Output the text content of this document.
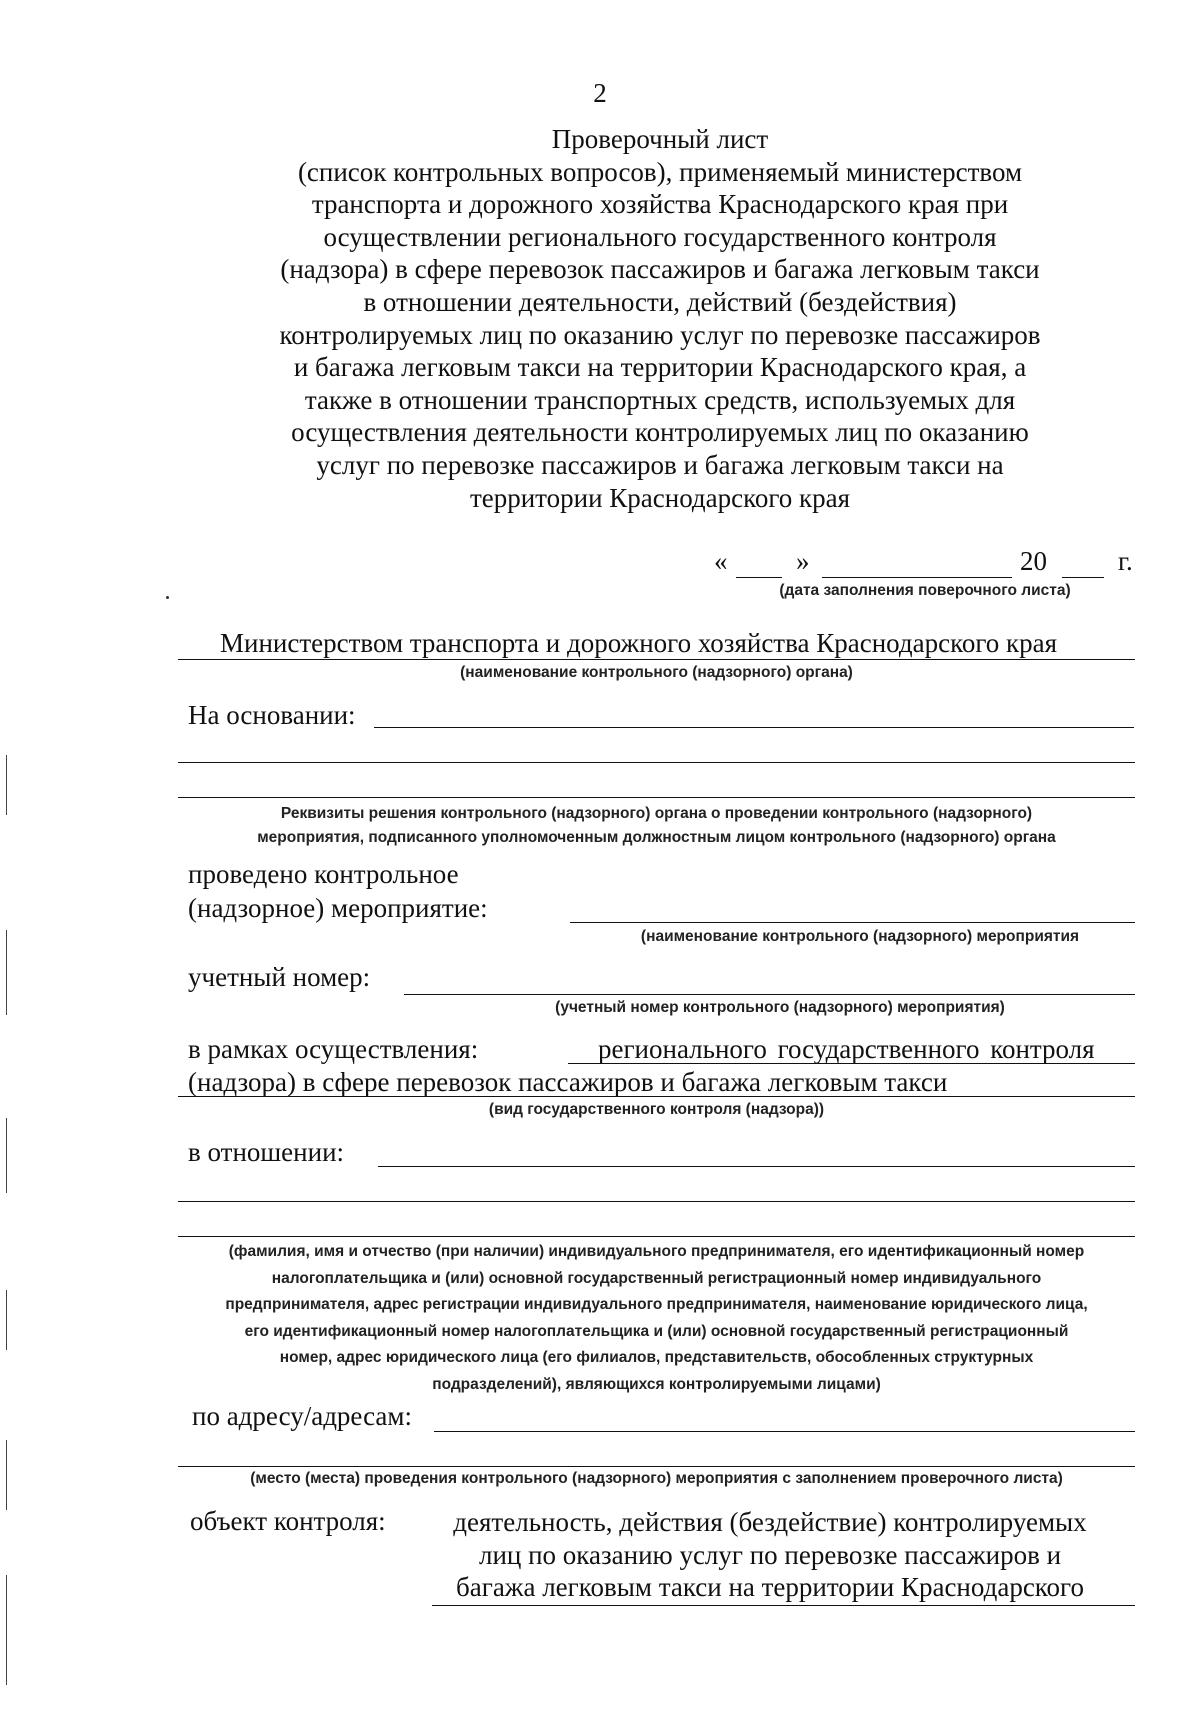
2
Проверочный лист
(список контрольных вопросов), применяемый министерством
транспорта и дорожного хозяйства Краснодарского края при
осуществлении регионального государственного контроля
(надзора) в сфере перевозок пассажиров и багажа легковым такси
в отношении деятельности, действий (бездействия)
контролируемых лиц по оказанию услуг по перевозке пассажиров
и багажа легковым такси на территории Краснодарского края, а
также в отношении транспортных средств, используемых для
осуществления деятельности контролируемых лиц по оказанию
услуг по перевозке пассажиров и багажа легковым такси на
территории Краснодарского края
«	»	20	г.
(дата заполнения поверочного листа)
Министерством транспорта и дорожного хозяйства Краснодарского края
(наименование контрольного (надзорного) органа)
На основании:
Реквизиты решения контрольного (надзорного) органа о проведении контрольного (надзорного)
мероприятия, подписанного уполномоченным должностным лицом контрольного (надзорного) органа
проведено контрольное
(надзорное) мероприятие:
(наименование контрольного (надзорного) мероприятия
учетный номер:
(учетный номер контрольного (надзорного) мероприятия)
в рамках осуществления:	регионального государственного контроля
(надзора) в сфере перевозок пассажиров и багажа легковым такси
(вид государственного контроля (надзора))
в отношении:
(фамилия, имя и отчество (при наличии) индивидуального предпринимателя, его идентификационный номер
налогоплательщика и (или) основной государственный регистрационный номер индивидуального
предпринимателя, адрес регистрации индивидуального предпринимателя, наименование юридического лица,
его идентификационный номер налогоплательщика и (или) основной государственный регистрационный
номер, адрес юридического лица (его филиалов, представительств, обособленных структурных
подразделений), являющихся контролируемыми лицами)
по адресу/адресам:
(место (места) проведения контрольного (надзорного) мероприятия с заполнением проверочного листа)
объект контроля:	деятельность, действия (бездействие) контролируемых
лиц по оказанию услуг по перевозке пассажиров и
багажа легковым такси на территории Краснодарского
